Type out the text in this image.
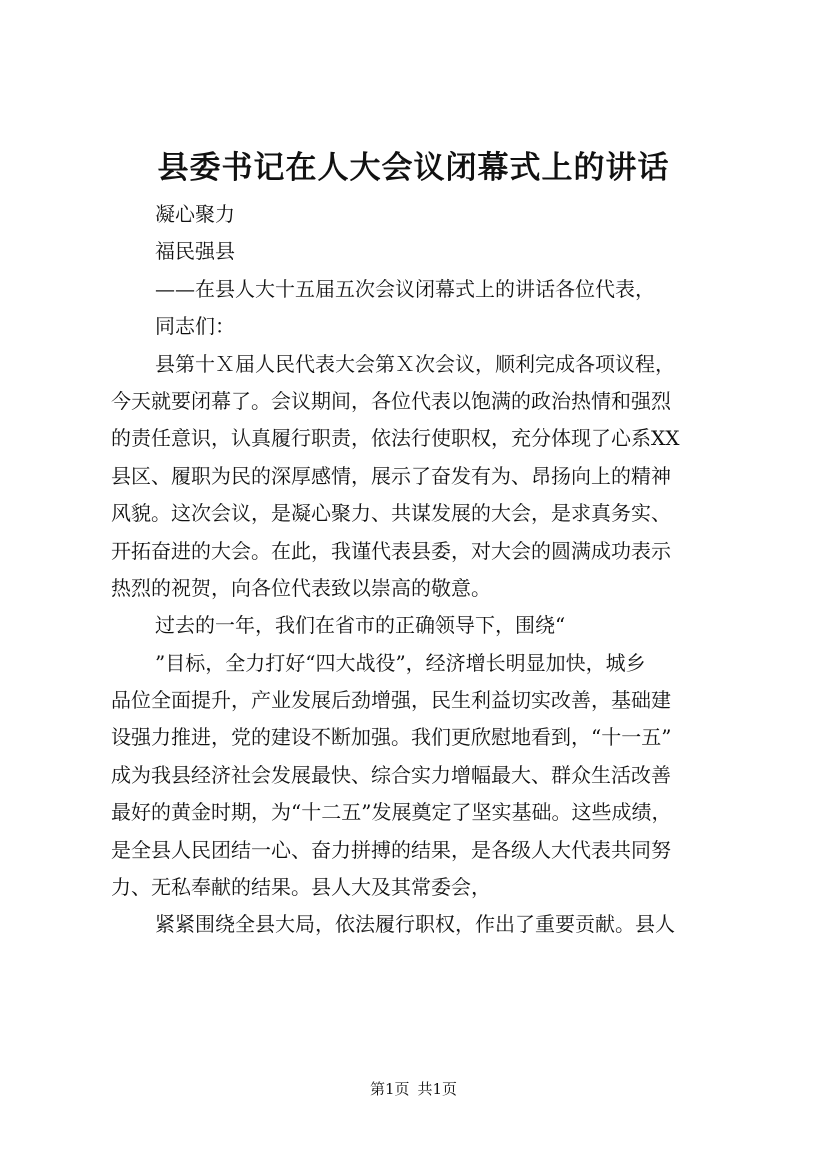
县委书记在人大会议闭幕式上的讲话
凝心聚力
福民强县
——在县人大十五届五次会议闭幕式上的讲话各位代表，
同志们：
县第十Ｘ届人民代表大会第Ｘ次会议，顺利完成各项议程，
今天就要闭幕了。会议期间，各位代表以饱满的政治热情和强烈
的责任意识，认真履行职责，依法行使职权，充分体现了心系XX
县区、履职为民的深厚感情，展示了奋发有为、昂扬向上的精神
风貌。这次会议，是凝心聚力、共谋发展的大会，是求真务实、
开拓奋进的大会。在此，我谨代表县委，对大会的圆满成功表示
热烈的祝贺，向各位代表致以崇高的敬意。
过去的一年，我们在省市的正确领导下，围绕“
”目标，全力打好“四大战役”，经济增长明显加快，城乡
品位全面提升，产业发展后劲增强，民生利益切实改善，基础建
设强力推进，党的建设不断加强。我们更欣慰地看到，“十一五”
成为我县经济社会发展最快、综合实力增幅最大、群众生活改善
最好的黄金时期，为“十二五”发展奠定了坚实基础。这些成绩，
是全县人民团结一心、奋力拼搏的结果，是各级人大代表共同努
力、无私奉献的结果。县人大及其常委会，
紧紧围绕全县大局，依法履行职权，作出了重要贡献。县人
第1页 共1页
